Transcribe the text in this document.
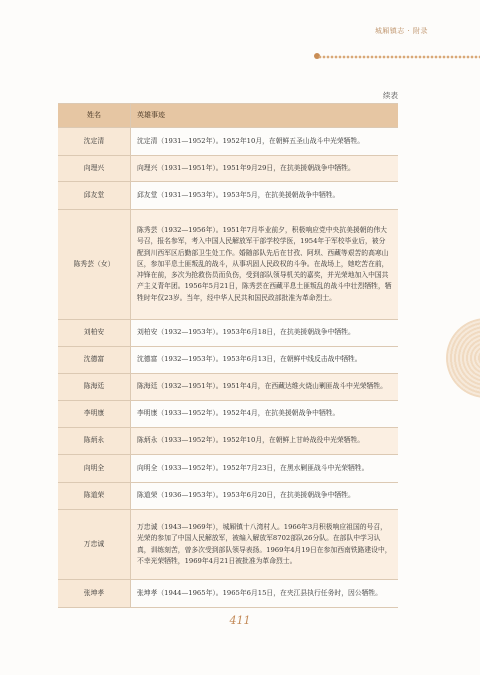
城厢镇志 · 附录
续表
姓名	英雄事迹
沈定清	沈定清（1931—1952年）。1952年10月，在朝鲜五圣山战斗中光荣牺牲。
向理兴	向理兴（1931—1951年）。1951年9月29日，在抗美援朝战争中牺牲。
邱友堂	邱友堂（1931—1953年）。1953年5月，在抗美援朝战争中牺牲。
陈秀芸（女）	陈秀芸（1932—1956年）。1951年7月毕业前夕，积极响应党中央抗美援朝的伟大号召，报名参军，考入中国人民解放军干部学校学医，1954年于军校毕业后，被分配到川西军区后勤部卫生处工作。婚随部队先后在甘孜、阿坝、西藏等艰苦的高寒山区，参加平息土匪叛乱的战斗，从事巩固人民政权的斗争。在战场上，她吃苦在前，冲锋在前，多次为抢救伤员而负伤，受到部队领导机关的嘉奖，并光荣地加入中国共产主义青年团。1956年5月21日，陈秀芸在西藏平息土匪叛乱的战斗中壮烈牺牲，牺牲时年仅23岁。当年，经中华人民共和国民政部批准为革命烈士。
刘柏安	刘柏安（1932—1953年）。1953年6月18日，在抗美援朝战争中牺牲。
沈德富	沈德富（1932—1953年）。1953年6月13日，在朝鲜中线反击战中牺牲。
陈海廷	陈海廷（1932—1951年）。1951年4月，在西藏达维火烧山剿匪战斗中光荣牺牲。
李明康	李明康（1933—1952年）。1952年4月，在抗美援朝战争中牺牲。
陈炳永	陈炳永（1933—1952年）。1952年10月，在朝鲜上甘岭战役中光荣牺牲。
向明全	向明全（1933—1952年）。1952年7月23日，在黑水剿匪战斗中光荣牺牲。
陈道荣	陈道荣（1936—1953年）。1953年6月20日，在抗美援朝战争中牺牲。
万忠诚	万忠诚（1943—1969年），城厢镇十八湾村人。1966年3月积极响应祖国的号召，光荣的参加了中国人民解放军，被编入解放军8702部队26分队。在部队中学习认真，训练刻苦，曾多次受到部队领导表扬。1969年4月19日在参加西南铁路建设中，不幸光荣牺牲，1969年4月21日被批准为革命烈士。
张坤孝	张坤孝（1944—1965年）。1965年6月15日，在夹江县执行任务时，因公牺牲。
411
